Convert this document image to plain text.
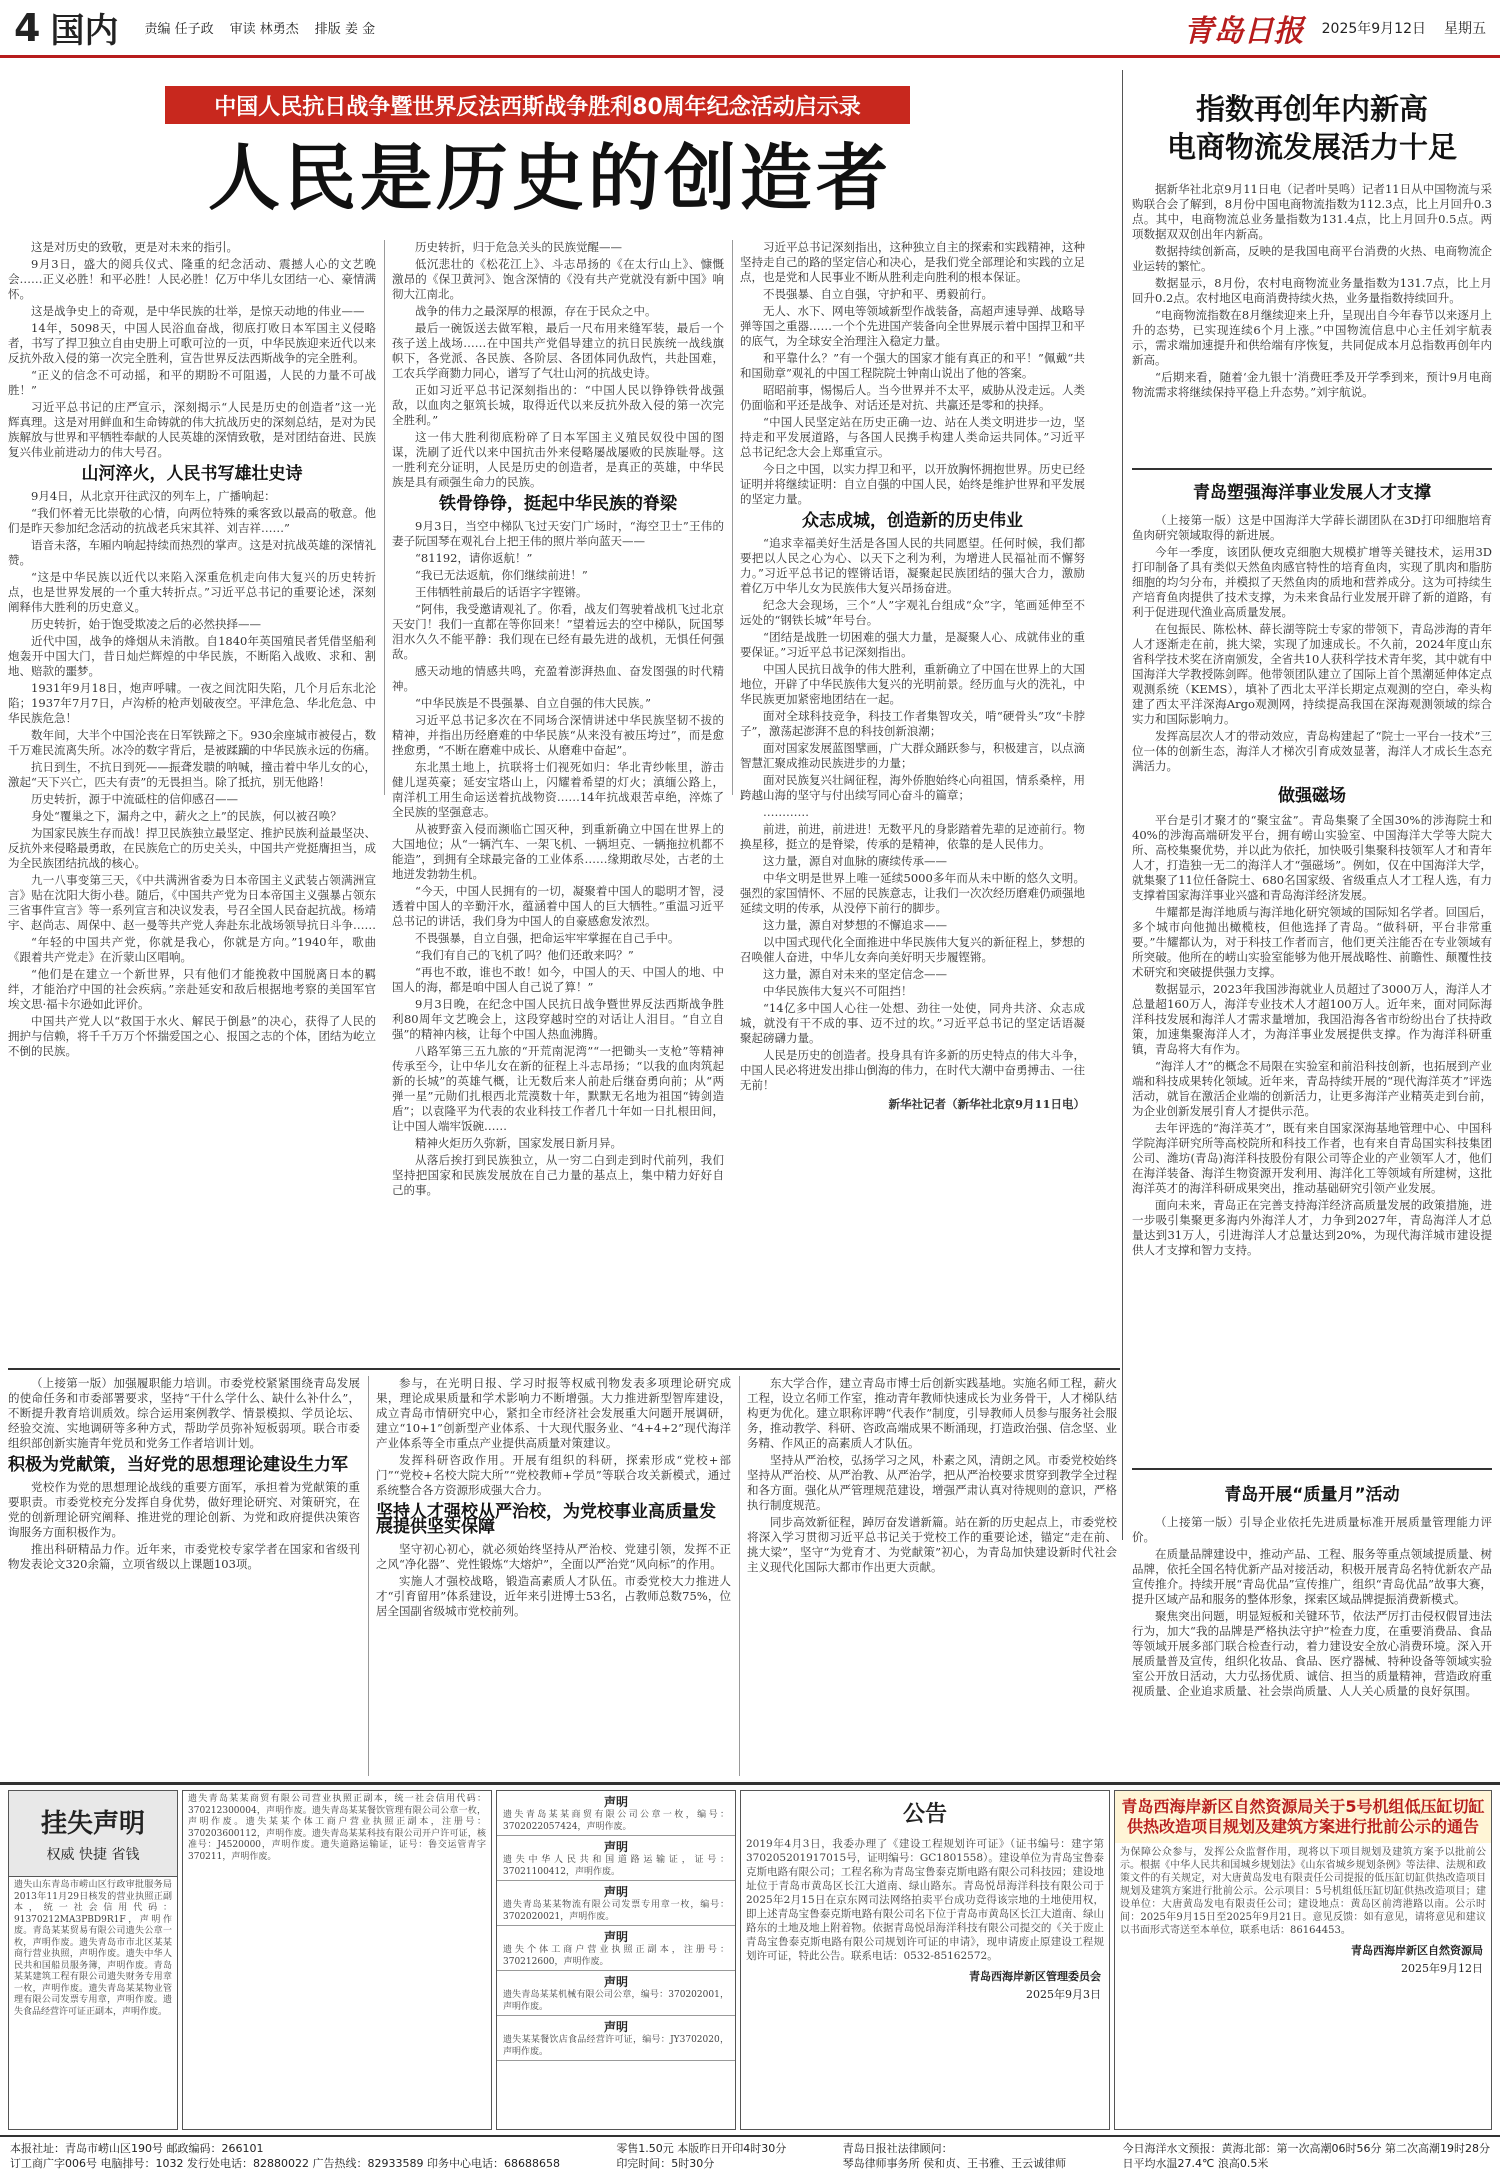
4 国内 责编 任子政 审读 林勇杰 排版 姜 金	青岛日报 2025年9月12日 星期五
中国人民抗日战争暨世界反法西斯战争胜利80周年纪念活动启示录
人民是历史的创造者

这是对历史的致敬，更是对未来的指引。

9月3日，盛大的阅兵仪式、隆重的纪念活动、震撼人心的文艺晚会……正义必胜！和平必胜！人民必胜！亿万中华儿女团结一心、豪情满怀。

这是战争史上的奇观，是中华民族的壮举，是惊天动地的伟业——

14年，5098天，中国人民浴血奋战，彻底打败日本军国主义侵略者，书写了捍卫独立自由史册上可歌可泣的一页，中华民族迎来近代以来反抗外敌入侵的第一次完全胜利，宣告世界反法西斯战争的完全胜利。

“正义的信念不可动摇，和平的期盼不可阻遏，人民的力量不可战胜！”

习近平总书记的庄严宣示，深刻揭示“人民是历史的创造者”这一光辉真理。这是对用鲜血和生命铸就的伟大抗战历史的深刻总结，是对为民族解放与世界和平牺牲奉献的人民英雄的深情致敬，是对团结奋进、民族复兴伟业前进动力的伟大号召。

山河淬火，人民书写雄壮史诗

9月4日，从北京开往武汉的列车上，广播响起：

“我们怀着无比崇敬的心情，向两位特殊的乘客致以最高的敬意。他们是昨天参加纪念活动的抗战老兵宋其祥、刘吉祥……”

语音未落，车厢内响起持续而热烈的掌声。这是对抗战英雄的深情礼赞。

“这是中华民族以近代以来陷入深重危机走向伟大复兴的历史转折点，也是世界发展的一个重大转折点。”习近平总书记的重要论述，深刻阐释伟大胜利的历史意义。

历史转折，始于饱受欺凌之后的必然抉择——

近代中国，战争的烽烟从未消散。自1840年英国殖民者凭借坚船利炮轰开中国大门，昔日灿烂辉煌的中华民族，不断陷入战败、求和、割地、赔款的噩梦。

1931年9月18日，炮声呼啸。一夜之间沈阳失陷，几个月后东北沦陷；1937年7月7日，卢沟桥的枪声划破夜空。平津危急、华北危急、中华民族危急！

数年间，大半个中国沦丧在日军铁蹄之下。930余座城市被侵占，数千万难民流离失所。冰冷的数字背后，是被蹂躏的中华民族永远的伤痛。

抗日到生，不抗日到死——振聋发聩的呐喊，撞击着中华儿女的心，激起“天下兴亡，匹夫有责”的无畏担当。除了抵抗，别无他路！

历史转折，源于中流砥柱的信仰感召——

身处“覆巢之下，漏舟之中，薪火之上”的民族，何以被召唤？

为国家民族生存而战！捍卫民族独立最坚定、推护民族利益最坚决、反抗外来侵略最勇敢，在民族危亡的历史关头，中国共产党挺膺担当，成为全民族团结抗战的核心。

九一八事变第三天，《中共满洲省委为日本帝国主义武装占领满洲宣言》贴在沈阳大街小巷。随后，《中国共产党为日本帝国主义强暴占领东三省事件宣言》等一系列宣言和决议发表，号召全国人民奋起抗战。杨靖宇、赵尚志、周保中、赵一曼等共产党人奔赴东北战场领导抗日斗争……

“年轻的中国共产党，你就是我心，你就是方向。”1940年，歌曲《跟着共产党走》在沂蒙山区唱响。

“他们是在建立一个新世界，只有他们才能挽救中国脱离日本的羁绊，才能治疗中国的社会疾病。”亲赴延安和敌后根据地考察的美国军官埃文思·福卡尔逊如此评价。

中国共产党人以“救国于水火、解民于倒悬”的决心，获得了人民的拥护与信赖，将千千万万个怀揣爱国之心、报国之志的个体，团结为屹立不倒的民族。

历史转折，归于危急关头的民族觉醒——

低沉悲壮的《松花江上》、斗志昂扬的《在太行山上》、慷慨激昂的《保卫黄河》、饱含深情的《没有共产党就没有新中国》响彻大江南北。

战争的伟力之最深厚的根源，存在于民众之中。

最后一碗饭送去做军粮，最后一尺布用来缝军装，最后一个孩子送上战场……在中国共产党倡导建立的抗日民族统一战线旗帜下，各党派、各民族、各阶层、各团体同仇敌忾，共赴国难，工农兵学商勠力同心，谱写了气壮山河的抗战史诗。

正如习近平总书记深刻指出的：“中国人民以铮铮铁骨战强敌，以血肉之躯筑长城，取得近代以来反抗外敌入侵的第一次完全胜利。”

这一伟大胜利彻底粉碎了日本军国主义殖民奴役中国的图谋，洗刷了近代以来中国抗击外来侵略屡战屡败的民族耻辱。这一胜利充分证明，人民是历史的创造者，是真正的英雄，中华民族是具有顽强生命力的民族。

铁骨铮铮，挺起中华民族的脊梁

9月3日，当空中梯队飞过天安门广场时，“海空卫士”王伟的妻子阮国琴在观礼台上把王伟的照片举向蓝天——

“81192，请你返航！”

“我已无法返航，你们继续前进！”

王伟牺牲前最后的话语字字铿锵。

“阿伟，我受邀请观礼了。你看，战友们驾驶着战机飞过北京天安门！我们一直都在等你回来！”望着远去的空中梯队，阮国琴泪水久久不能平静：我们现在已经有最先进的战机，无惧任何强敌。

感天动地的情感共鸣，充盈着澎湃热血、奋发图强的时代精神。

“中华民族是不畏强暴、自立自强的伟大民族。”

习近平总书记多次在不同场合深情讲述中华民族坚韧不拔的精神，并指出历经磨难的中华民族“从来没有被压垮过”，而是愈挫愈勇，“不断在磨难中成长、从磨难中奋起”。

东北黑土地上，抗联将士们视死如归：华北青纱帐里，游击健儿逞英豪；延安宝塔山上，闪耀着希望的灯火；滇缅公路上，南洋机工用生命运送着抗战物资……14年抗战艰苦卓绝，淬炼了全民族的坚强意志。

从被野蛮入侵而濒临亡国灭种，到重新确立中国在世界上的大国地位；从“一辆汽车、一架飞机、一辆坦克、一辆拖拉机都不能造”，到拥有全球最完备的工业体系……缘期敢尽处，古老的土地迸发勃勃生机。

“今天，中国人民拥有的一切，凝聚着中国人的聪明才智，浸透着中国人的辛勤汗水，蕴涵着中国人的巨大牺牲。”重温习近平总书记的讲话，我们身为中国人的自豪感愈发浓烈。

不畏强暴，自立自强，把命运牢牢掌握在自己手中。

“我们有自己的飞机了吗？他们还敢来吗？”

“再也不敢，谁也不敢！如今，中国人的天、中国人的地、中国人的海，都是咱中国人自己说了算！”

9月3日晚，在纪念中国人民抗日战争暨世界反法西斯战争胜利80周年文艺晚会上，这段穿越时空的对话让人泪目。“自立自强”的精神内核，让每个中国人热血沸腾。

八路军第三五九旅的“开荒南泥湾”“一把锄头一支枪”等精神传承至今，让中华儿女在新的征程上斗志昂扬；“以我的血肉筑起新的长城”的英雄气概，让无数后来人前赴后继奋勇向前；从“两弹一星”元勋们扎根西北荒漠数十年，默默无名地为祖国“铸剑造盾”；以袁隆平为代表的农业科技工作者几十年如一日扎根田间，让中国人端牢饭碗……

精神火炬历久弥新，国家发展日新月异。

从落后挨打到民族独立，从一穷二白到走到时代前列，我们坚持把国家和民族发展放在自己力量的基点上，集中精力好好自己的事。

习近平总书记深刻指出，这种独立自主的探索和实践精神，这种坚持走自己的路的坚定信心和决心，是我们党全部理论和实践的立足点，也是党和人民事业不断从胜利走向胜利的根本保证。

不畏强暴、自立自强，守护和平、勇毅前行。

无人、水下、网电等领域新型作战装备，高超声速导弹、战略导弹等国之重器……一个个先进国产装备向全世界展示着中国捍卫和平的底气，为全球安全治理注入稳定力量。

和平靠什么？”有一个强大的国家才能有真正的和平！”佩戴“共和国勋章”观礼的中国工程院院士钟南山说出了他的答案。

昭昭前事，惕惕后人。当今世界并不太平，威胁从没走远。人类仍面临和平还是战争、对话还是对抗、共赢还是零和的抉择。

“中国人民坚定站在历史正确一边、站在人类文明进步一边，坚持走和平发展道路，与各国人民携手构建人类命运共同体。”习近平总书记纪念大会上郑重宣示。

今日之中国，以实力捍卫和平，以开放胸怀拥抱世界。历史已经证明并将继续证明：自立自强的中国人民，始终是维护世界和平发展的坚定力量。

众志成城，创造新的历史伟业

“追求幸福美好生活是各国人民的共同愿望。任何时候，我们都要把以人民之心为心、以天下之利为利，为增进人民福祉而不懈努力。”习近平总书记的铿锵话语，凝聚起民族团结的强大合力，激励着亿万中华儿女为民族伟大复兴昂扬奋进。

纪念大会现场，三个“人”字观礼台组成“众”字，笔画延伸至不远处的“钢铁长城”年号台。

“团结是战胜一切困难的强大力量，是凝聚人心、成就伟业的重要保证。”习近平总书记深刻指出。

中国人民抗日战争的伟大胜利，重新确立了中国在世界上的大国地位，开辟了中华民族伟大复兴的光明前景。经历血与火的洗礼，中华民族更加紧密地团结在一起。

面对全球科技竞争，科技工作者集智攻关，啃“硬骨头”攻“卡脖子”，激荡起澎湃不息的科技创新浪潮；

面对国家发展蓝图擘画，广大群众踊跃参与，积极建言，以点滴智慧汇聚成推动民族进步的力量；

面对民族复兴壮阔征程，海外侨胞始终心向祖国，情系桑梓，用跨越山海的坚守与付出续写同心奋斗的篇章；

…………

前进，前进，前进进！无数平凡的身影踏着先辈的足迹前行。物换星移，挺立的是脊梁，传承的是精神，依靠的是人民伟力。

这力量，源自对血脉的赓续传承——

中华文明是世界上唯一延续5000多年而从未中断的悠久文明。强烈的家国情怀、不屈的民族意志，让我们一次次经历磨难仍顽强地延续文明的传承，从没停下前行的脚步。

这力量，源自对梦想的不懈追求——

以中国式现代化全面推进中华民族伟大复兴的新征程上，梦想的召唤催人奋进，中华儿女奔向美好明天步履铿锵。

这力量，源自对未来的坚定信念——

中华民族伟大复兴不可阻挡！

“14亿多中国人心往一处想、劲往一处使，同舟共济、众志成城，就没有干不成的事、迈不过的坎。”习近平总书记的坚定话语凝聚起磅礴力量。

人民是历史的创造者。投身具有许多新的历史特点的伟大斗争，中国人民必将进发出排山倒海的伟力，在时代大潮中奋勇搏击、一往无前！

新华社记者（新华社北京9月11日电）
指数再创年内新高
电商物流发展活力十足

据新华社北京9月11日电（记者叶昊鸣）记者11日从中国物流与采购联合会了解到，8月份中国电商物流指数为112.3点，比上月回升0.3点。其中，电商物流总业务量指数为131.4点，比上月回升0.5点。两项数据双双创出年内新高。

数据持续创新高，反映的是我国电商平台消费的火热、电商物流企业运转的繁忙。

数据显示，8月份，农村电商物流业务量指数为131.7点，比上月回升0.2点。农村地区电商消费持续火热，业务量指数持续回升。

“电商物流指数在8月继续迎来上升，呈现出自今年春节以来逐月上升的态势，已实现连续6个月上涨。”中国物流信息中心主任刘宇航表示，需求端加速提升和供给端有序恢复，共同促成本月总指数再创年内新高。

“后期来看，随着‘金九银十’消费旺季及开学季到来，预计9月电商物流需求将继续保持平稳上升态势。”刘宇航说。

青岛塑强海洋事业发展人才支撑

（上接第一版）这是中国海洋大学薛长湖团队在3D打印细胞培育鱼肉研究领域取得的新进展。

今年一季度，该团队便攻克细胞大规模扩增等关键技术，运用3D打印制备了具有类似天然鱼肉感官特性的培育鱼肉，实现了肌肉和脂肪细胞的均匀分布，并模拟了天然鱼肉的质地和营养成分。这为可持续生产培育鱼肉提供了技术支撑，为未来食品行业发展开辟了新的道路，有利于促进现代渔业高质量发展。

在包振民、陈松林、薛长湖等院士专家的带领下，青岛涉海的青年人才逐渐走在前，挑大梁，实现了加速成长。不久前，2024年度山东省科学技术奖在济南颁发，全省共10人获科学技术青年奖，其中就有中国海洋大学教授陈剑晖。他带领团队建立了国际上首个黑潮延伸体定点观测系统（KEMS），填补了西北太平洋长期定点观测的空白，牵头构建了西太平洋深海Argo观测网，持续提高我国在深海观测领域的综合实力和国际影响力。

发挥高层次人才的带动效应，青岛构建起了“院士一平台一技术”三位一体的创新生态，海洋人才梯次引育成效显著，海洋人才成长生态充满活力。

做强磁场

平台是引才聚才的“聚宝盆”。青岛集聚了全国30%的涉海院士和40%的涉海高端研发平台，拥有崂山实验室、中国海洋大学等大院大所、高校集聚优势，并以此为依托，加快吸引集聚科技领军人才和青年人才，打造独一无二的海洋人才“强磁场”。例如，仅在中国海洋大学，就集聚了11位任备院士、680名国家级、省级重点人才工程人选，有力支撑着国家海洋事业兴盛和青岛海洋经济发展。

牛耀都是海洋地质与海洋地化研究领域的国际知名学者。回国后，多个城市向他抛出橄榄枝，但他选择了青岛。“做科研，平台非常重要。”牛耀都认为，对于科技工作者而言，他们更关注能否在专业领域有所突破。他所在的崂山实验室能够为他开展战略性、前瞻性、颠覆性技术研究和突破提供强力支撑。

数据显示，2023年我国涉海就业人员超过了3000万人，海洋人才总量超160万人，海洋专业技术人才超100万人。近年来，面对同际海洋科技发展和海洋人才需求量增加，我国沿海各省市纷纷出台了扶持政策，加速集聚海洋人才，为海洋事业发展提供支撑。作为海洋科研重镇，青岛将大有作为。

“海洋人才”的概念不局限在实验室和前沿科技创新，也拓展到产业端和科技成果转化领域。近年来，青岛持续开展的“现代海洋英才”评选活动，就旨在激活企业端的创新活力，让更多海洋产业精英走到台前，为企业创新发展引育人才提供示范。

去年评选的“海洋英才”，既有来自国家深海基地管理中心、中国科学院海洋研究所等高校院所和科技工作者，也有来自青岛国实科技集团公司、潍坊(青岛)海洋科技股份有限公司等企业的产业领军人才，他们在海洋装备、海洋生物资源开发利用、海洋化工等领域有所建树，这批海洋英才的海洋科研成果突出，推动基础研究引领产业发展。

面向未来，青岛正在完善支持海洋经济高质量发展的政策措施，进一步吸引集聚更多海内外海洋人才，力争到2027年，青岛海洋人才总量达到31万人，引进海洋人才总量达到20%，为现代海洋城市建设提供人才支撑和智力支持。

青岛开展“质量月”活动

（上接第一版）引导企业依托先进质量标准开展质量管理能力评价。

在质量品牌建设中，推动产品、工程、服务等重点领域提质量、树品牌，依托全国名特优新产品对接活动，积极开展青岛名特优新农产品宣传推介。持续开展“青岛优品”宣传推广，组织“青岛优品”故事大赛，提升区域产品和服务的整体形象，探索区域品牌提振消费新模式。

聚焦突出问题，明显短板和关键环节，依法严厉打击侵权假冒违法行为，加大“我的品牌是严格执法守护”检查力度，在重要消费品、食品等领域开展多部门联合检查行动，着力建设安全放心消费环境。深入开展质量普及宣传，组织化妆品、食品、医疗器械、特种设备等领域实验室公开放日活动，大力弘扬优质、诚信、担当的质量精神，营造政府重视质量、企业追求质量、社会崇尚质量、人人关心质量的良好氛围。

（上接第一版）加强履职能力培训。市委党校紧紧围绕青岛发展的使命任务和市委部署要求，坚持“干什么学什么、缺什么补什么”，不断提升教育培训质效。综合运用案例教学、情景模拟、学员论坛、经验交流、实地调研等多种方式，帮助学员弥补短板弱项。联合市委组织部创新实施青年党员和党务工作者培训计划。

积极为党献策，当好党的思想理论建设生力军

党校作为党的思想理论战线的重要方面军，承担着为党献策的重要职责。市委党校充分发挥自身优势，做好理论研究、对策研究，在党的创新理论研究阐释、推进党的理论创新、为党和政府提供决策咨询服务方面积极作为。

推出科研精品力作。近年来，市委党校专家学者在国家和省级刊物发表论文320余篇，立项省级以上课题103项。

参与，在光明日报、学习时报等权威刊物发表多项理论研究成果，理论成果质量和学术影响力不断增强。大力推进新型智库建设，成立青岛市情研究中心，紧扣全市经济社会发展重大问题开展调研，建立“10+1”创新型产业体系、十大现代服务业、“4+4+2”现代海洋产业体系等全市重点产业提供高质量对策建议。

发挥科研咨政作用。开展有组织的科研，探索形成“党校+部门”“党校+名校大院大所”“党校教师+学员”等联合攻关新模式，通过系统整合各方资源形成强大合力。

坚持人才强校从严治校，为党校事业高质量发展提供坚实保障

坚守初心初心，就必须始终坚持从严治校、党建引领，发挥不正之风“净化器”、党性锻炼“大熔炉”，全面以严治党“风向标”的作用。

实施人才强校战略，锻造高素质人才队伍。市委党校大力推进人才“引育留用”体系建设，近年来引进博士53名，占教师总数75%，位居全国副省级城市党校前列。

东大学合作，建立青岛市博士后创新实践基地。实施名师工程，薪火工程，设立名师工作室，推动青年教师快速成长为业务骨干，人才梯队结构更为优化。建立职称评聘“代表作”制度，引导教师人员参与服务社会服务，推动教学、科研、咨政高端成果不断涌现，打造政治强、信念坚、业务精、作风正的高素质人才队伍。

坚持从严治校，弘扬学习之风，朴素之风，清朗之风。市委党校始终坚持从严治校、从严治教、从严治学，把从严治校要求贯穿到教学全过程和各方面。强化从严管理规范建设，增强严肃认真对待规则的意识，严格执行制度规范。

同步高效新征程，踔厉奋发谱新篇。站在新的历史起点上，市委党校将深入学习贯彻习近平总书记关于党校工作的重要论述，锚定“走在前、挑大梁”，坚守“为党育才、为党献策”初心，为青岛加快建设新时代社会主义现代化国际大都市作出更大贡献。

挂失声明
权威 快捷 省钱
遗失山东青岛市崂山区行政审批服务局2013年11月29日核发的营业执照正副本，统一社会信用代码：91370212MA3PBD9R1F，声明作废。青岛某某贸易有限公司遗失公章一枚，声明作废。遗失青岛市市北区某某商行营业执照，声明作废。遗失中华人民共和国船员服务簿，声明作废。青岛某某建筑工程有限公司遗失财务专用章一枚，声明作废。遗失青岛某某物业管理有限公司发票专用章，声明作废。遗失食品经营许可证正副本，声明作废。
遗失青岛某某商贸有限公司营业执照正副本，统一社会信用代码：370212300004，声明作废。遗失青岛某某餐饮管理有限公司公章一枚，声明作废。遗失某某个体工商户营业执照正副本，注册号：370203600112，声明作废。遗失青岛某某科技有限公司开户许可证，核准号：J4520000，声明作废。遗失道路运输证，证号：鲁交运管青字370211，声明作废。
声明
遗失青岛某某商贸有限公司公章一枚，编号：3702022057424，声明作废。
声明
遗失中华人民共和国道路运输证，证号：37021100412，声明作废。
声明
遗失青岛某某物流有限公司发票专用章一枚，编号：3702020021，声明作废。
声明
遗失个体工商户营业执照正副本，注册号：370212600，声明作废。
声明
遗失青岛某某机械有限公司公章，编号：370202001，声明作废。
声明
遗失某某餐饮店食品经营许可证，编号：JY3702020，声明作废。
公告
2019年4月3日，我委办理了《建设工程规划许可证》（证书编号：建字第370205201917015号，证明编号：GC1801558）。建设单位为青岛宝鲁泰克斯电路有限公司；工程名称为青岛宝鲁泰克斯电路有限公司科技园；建设地址位于青岛市黄岛区长江大道南、绿山路东。青岛悦昂海洋科技有限公司于2025年2月15日在京东网司法网络拍卖平台成功竞得该宗地的土地使用权，即上述青岛宝鲁泰克斯电路有限公司名下位于青岛市黄岛区长江大道南、绿山路东的土地及地上附着物。依据青岛悦昂海洋科技有限公司提交的《关于废止青岛宝鲁泰克斯电路有限公司规划许可证的申请》，现申请废止原建设工程规划许可证，特此公告。联系电话：0532-85162572。
青岛西海岸新区管理委员会
2025年9月3日
青岛西海岸新区自然资源局关于5号机组低压缸切缸供热改造项目规划及建筑方案进行批前公示的通告
为保障公众参与，发挥公众监督作用，现将以下项目规划及建筑方案予以批前公示。根据《中华人民共和国城乡规划法》《山东省城乡规划条例》等法律、法规和政策文件的有关规定，对大唐黄岛发电有限责任公司提报的低压缸切缸供热改造项目规划及建筑方案进行批前公示。公示项目：5号机组低压缸切缸供热改造项目；建设单位：大唐黄岛发电有限责任公司；建设地点：黄岛区前湾港路以南。公示时间：2025年9月15日至2025年9月21日。意见反馈：如有意见，请将意见和建议以书面形式寄送至本单位，联系电话：86164453。
青岛西海岸新区自然资源局
2025年9月12日
本报社址：青岛市崂山区190号 邮政编码：266101
订工商广字006号 电脑排号：1032 发行处电话：82880022 广告热线：82933589 印务中心电话：68688658
零售1.50元 本版昨日开印4时30分
印完时间：5时30分
青岛日报社法律顾问：
琴岛律师事务所 侯和贞、王书雅、王云诚律师
今日海洋水文预报：黄海北部：第一次高潮06时56分 第二次高潮19时28分
日平均水温27.4℃ 浪高0.5米
